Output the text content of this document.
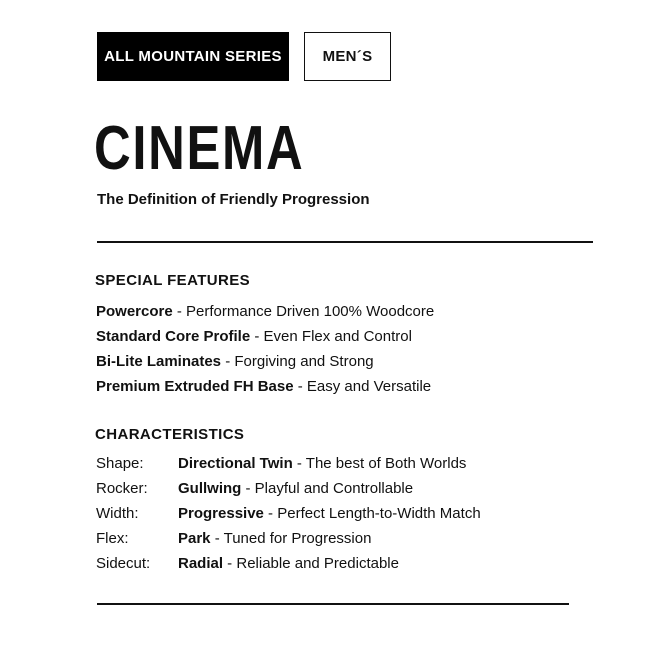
ALL MOUNTAIN SERIES	MEN´S
CINEMA
The Definition of Friendly Progression
SPECIAL FEATURES
Powercore - Performance Driven 100% Woodcore
Standard Core Profile - Even Flex and Control
Bi-Lite Laminates - Forgiving and Strong
Premium Extruded FH Base - Easy and Versatile
CHARACTERISTICS
Shape: Directional Twin - The best of Both Worlds
Rocker: Gullwing - Playful and Controllable
Width:	Progressive - Perfect Length-to-Width Match
Flex:	Park - Tuned for Progression
Sidecut: Radial - Reliable and Predictable
